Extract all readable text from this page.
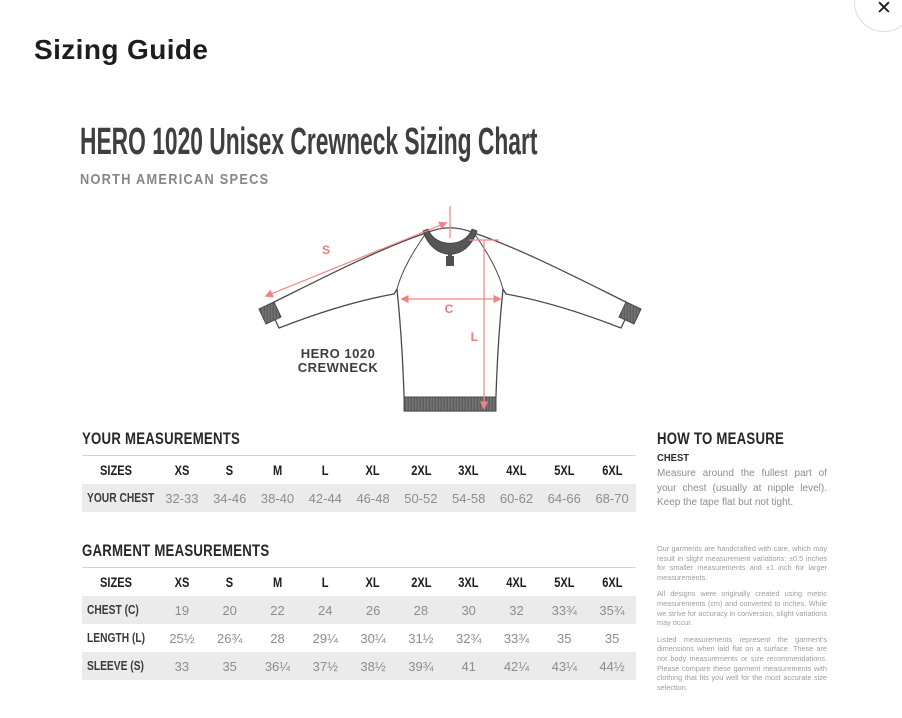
Sizing Guide
✕
HERO 1020 Unisex Crewneck Sizing Chart
NORTH AMERICAN SPECS
S
C
L
HERO 1020
CREWNECK
YOUR MEASUREMENTS
SIZES	XS	S	M	L	XL	2XL	3XL	4XL	5XL	6XL
YOUR CHEST	32-33	34-46	38-40	42-44	46-48	50-52	54-58	60-62	64-66	68-70
GARMENT MEASUREMENTS
SIZES	XS	S	M	L	XL	2XL	3XL	4XL	5XL	6XL
CHEST (C)	19	20	22	24	26	28	30	32	33¾	35¾
LENGTH (L)	25½	26¾	28	29¼	30¼	31½	32¾	33¾	35	35
SLEEVE (S)	33	35	36¼	37½	38½	39¾	41	42¼	43¼	44½
HOW TO MEASURE
CHEST
Measure around the fullest part of your chest (usually at nipple level). Keep the tape flat but not tight.

Our garments are handcrafted with care, which may result in slight measurement variations: ±0.5 inches for smaller measurements and ±1 inch for larger measurements.

All designs were originally created using metric measurements (cm) and converted to inches. While we strive for accuracy in conversion, slight variations may occur.

Listed measurements represent the garment's dimensions when laid flat on a surface. These are not body measurements or size recommendations. Please compare these garment measurements with clothing that fits you well for the most accurate size selection.
